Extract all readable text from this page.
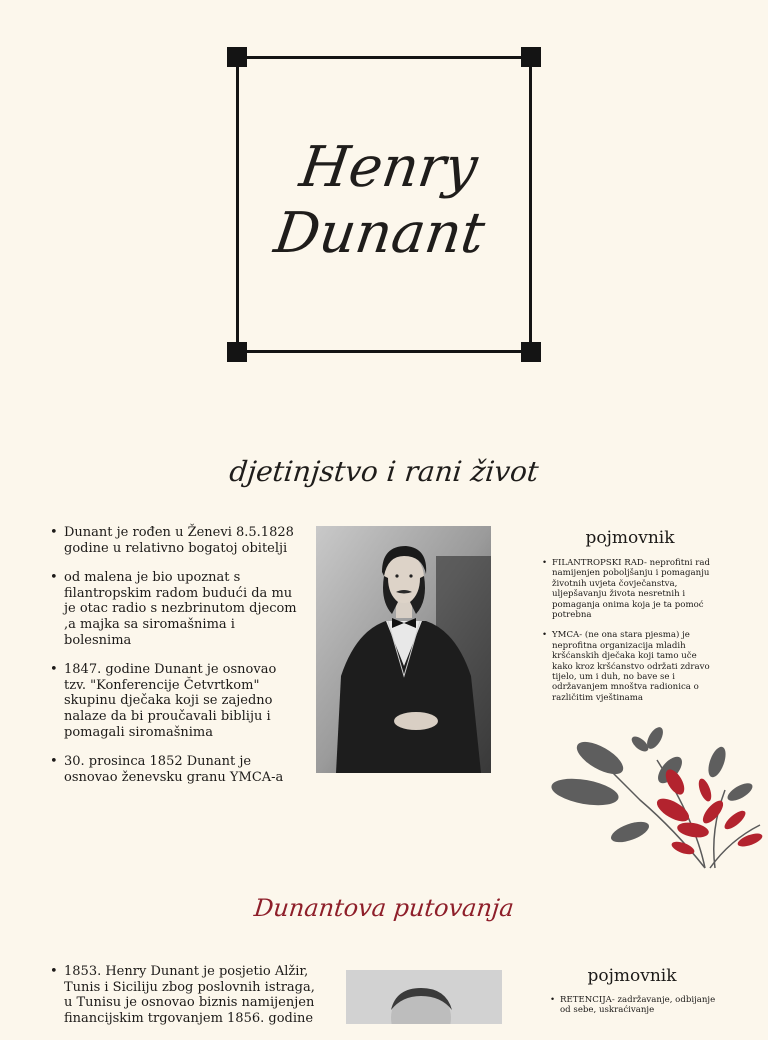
Henry
Dunant
djetinjstvo i rani život
• Dunant je rođen u Ženevi 8.5.1828 godine u relativno bogatoj obitelji
• od malena je bio upoznat s filantropskim radom budući da mu je otac radio s nezbrinutom djecom ,a majka sa siromašnima i bolesnima
• 1847. godine Dunant je osnovao tzv. "Konferencije Četvrtkom" skupinu dječaka koji se zajedno nalaze da bi proučavali bibliju i pomagali siromašnima
• 30. prosinca 1852 Dunant je osnovao ženevsku granu YMCA-a
pojmovnik
• FILANTROPSKI RAD- neprofitni rad namijenjen poboljšanju i pomaganju životnih uvjeta čovječanstva, uljepšavanju života nesretnih i pomaganja onima koja je ta pomoć potrebna
• YMCA- (ne ona stara pjesma) je neprofitna organizacija mladih kršćanskih dječaka koji tamo uče kako kroz kršćanstvo održati zdravo tijelo, um i duh, no bave se i održavanjem mnoštva radionica o različitim vještinama
Dunantova putovanja
• 1853. Henry Dunant je posjetio Alžir, Tunis i Siciliju zbog poslovnih istraga, u Tunisu je osnovao biznis namijenjen financijskim trgovanjem 1856. godine
pojmovnik
• RETENCIJA- zadržavanje, odbijanje od sebe, uskraćivanje
